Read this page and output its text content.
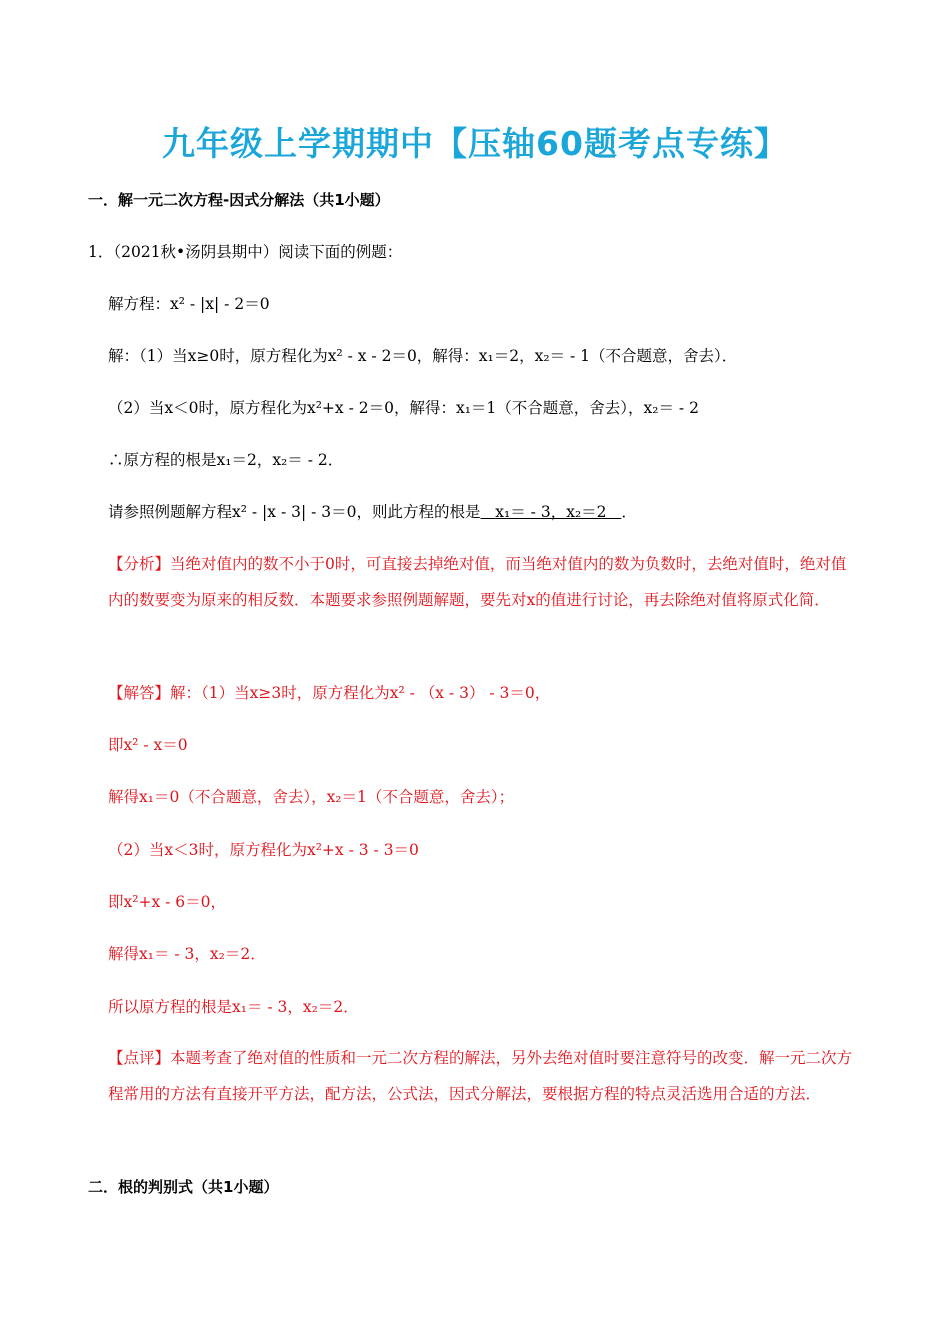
九年级上学期期中【压轴60题考点专练】
一．解一元二次方程-因式分解法（共1小题）
1．（2021秋•汤阴县期中）阅读下面的例题：
解方程：x² - |x| - 2＝0
解：（1）当x≥0时，原方程化为x² - x - 2＝0，解得：x₁＝2，x₂＝ - 1（不合题意，舍去）．
（2）当x＜0时，原方程化为x²+x - 2＝0，解得：x₁＝1（不合题意，舍去），x₂＝ - 2
∴原方程的根是x₁＝2，x₂＝ - 2．
请参照例题解方程x² - |x - 3| - 3＝0，则此方程的根是 x₁＝ - 3，x₂＝2 ．
【分析】当绝对值内的数不小于0时，可直接去掉绝对值，而当绝对值内的数为负数时，去绝对值时，绝对值内的数要变为原来的相反数．本题要求参照例题解题，要先对x的值进行讨论，再去除绝对值将原式化简．
【解答】解：（1）当x≥3时，原方程化为x² - （x - 3） - 3＝0，
即x² - x＝0
解得x₁＝0（不合题意，舍去），x₂＝1（不合题意，舍去）；
（2）当x＜3时，原方程化为x²+x - 3 - 3＝0
即x²+x - 6＝0，
解得x₁＝ - 3，x₂＝2．
所以原方程的根是x₁＝ - 3，x₂＝2．
【点评】本题考查了绝对值的性质和一元二次方程的解法，另外去绝对值时要注意符号的改变．解一元二次方程常用的方法有直接开平方法，配方法，公式法，因式分解法，要根据方程的特点灵活选用合适的方法．
二．根的判别式（共1小题）
